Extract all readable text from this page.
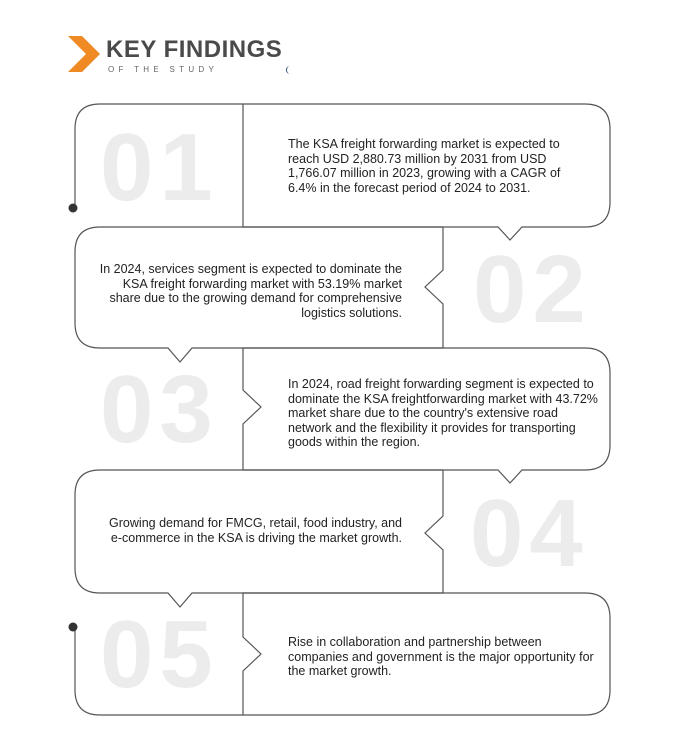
KEY FINDINGS
OF THE STUDY
01	The KSA freight forwarding market is expected to reach USD 2,880.73 million by 2031 from USD 1,766.07 million in 2023, growing with a CAGR of 6.4% in the forecast period of 2024 to 2031.
02
In 2024, services segment is expected to dominate the KSA freight forwarding market with 53.19% market share due to the growing demand for comprehensive logistics solutions.
03	In 2024, road freight forwarding segment is expected to dominate the KSA freightforwarding market with 43.72% market share due to the country's extensive road network and the flexibility it provides for transporting goods within the region.
04
Growing demand for FMCG, retail, food industry, and e-commerce in the KSA is driving the market growth.
05	Rise in collaboration and partnership between companies and government is the major opportunity for the market growth.
